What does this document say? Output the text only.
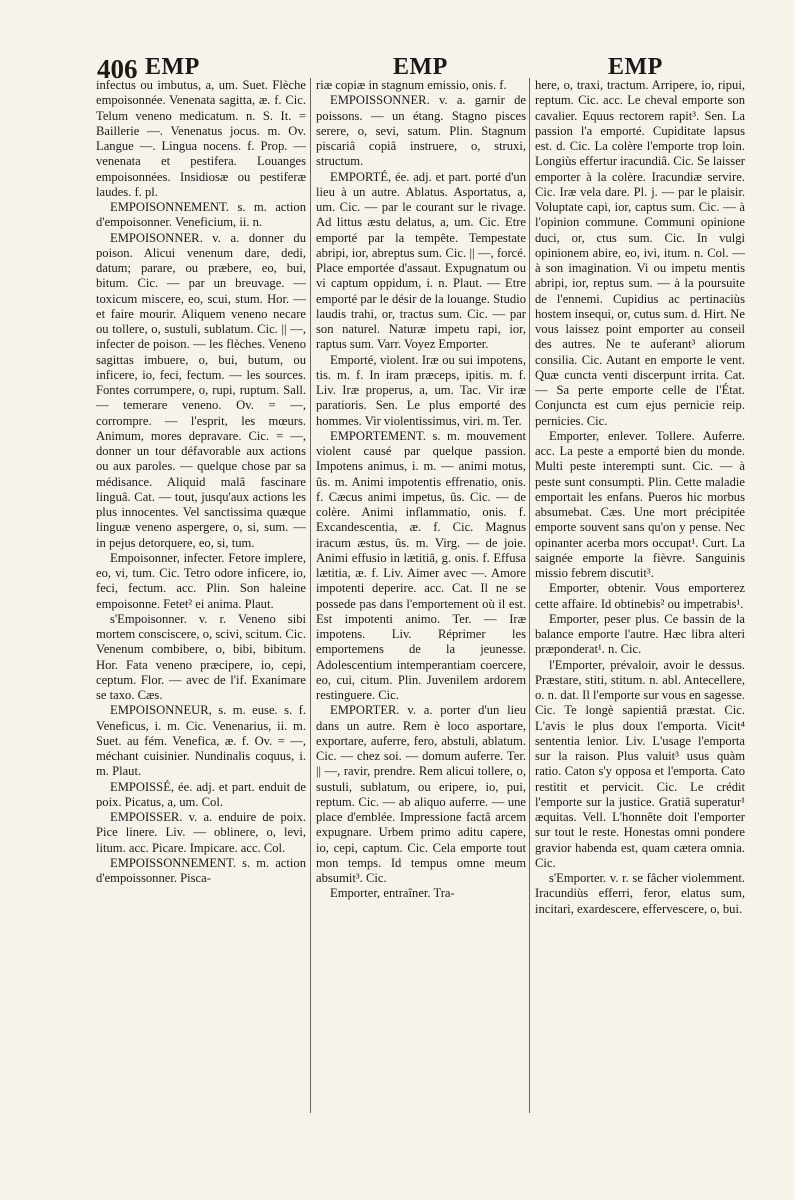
406 EMP	EMP	EMP

infectus ou imbutus, a, um. Suet. Flèche empoisonnée. Venenata sagitta, æ. f. Cic. Telum veneno medicatum. n. S. It. = Baillerie —. Venenatus jocus. m. Ov. Langue —. Lingua nocens. f. Prop. — venenata et pestifera. Louanges empoisonnées. Insidiosæ ou pestiferæ laudes. f. pl.

EMPOISONNEMENT. s. m. action d'empoisonner. Veneficium, ii. n.

EMPOISONNER. v. a. donner du poison. Alicui venenum dare, dedi, datum; parare, ou præbere, eo, bui, bitum. Cic. — par un breuvage. — toxicum miscere, eo, scui, stum. Hor. — et faire mourir. Aliquem veneno necare ou tollere, o, sustuli, sublatum. Cic. || —, infecter de poison. — les flèches. Veneno sagittas imbuere, o, bui, butum, ou inficere, io, feci, fectum. — les sources. Fontes corrumpere, o, rupi, ruptum. Sall. — temerare veneno. Ov. = —, corrompre. — l'esprit, les mœurs. Animum, mores depravare. Cic. = —, donner un tour défavorable aux actions ou aux paroles. — quelque chose par sa médisance. Aliquid malâ fascinare linguâ. Cat. — tout, jusqu'aux actions les plus innocentes. Vel sanctissima quæque linguæ veneno aspergere, o, si, sum. — in pejus detorquere, eo, si, tum.

Empoisonner, infecter. Fetore implere, eo, vi, tum. Cic. Tetro odore inficere, io, feci, fectum. acc. Plin. Son haleine empoisonne. Fetet² ei anima. Plaut.

s'Empoisonner. v. r. Veneno sibi mortem consciscere, o, scivi, scitum. Cic. Venenum combibere, o, bibi, bibitum. Hor. Fata veneno præcipere, io, cepi, ceptum. Flor. — avec de l'if. Exanimare se taxo. Cæs.

EMPOISONNEUR, s. m. euse. s. f. Veneficus, i. m. Cic. Venenarius, ii. m. Suet. au fém. Venefica, æ. f. Ov. = —, méchant cuisinier. Nundinalis coquus, i. m. Plaut.

EMPOISSÉ, ée. adj. et part. enduit de poix. Picatus, a, um. Col.

EMPOISSER. v. a. enduire de poix. Pice linere. Liv. — oblinere, o, levi, litum. acc. Picare. Impicare. acc. Col.

EMPOISSONNEMENT. s. m. action d'empoissonner. Pisca-

riæ copiæ in stagnum emissio, onis. f.

EMPOISSONNER. v. a. garnir de poissons. — un étang. Stagno pisces serere, o, sevi, satum. Plin. Stagnum piscariâ copiâ instruere, o, struxi, structum.

EMPORTÉ, ée. adj. et part. porté d'un lieu à un autre. Ablatus. Asportatus, a, um. Cic. — par le courant sur le rivage. Ad littus æstu delatus, a, um. Cic. Etre emporté par la tempête. Tempestate abripi, ior, abreptus sum. Cic. || —, forcé. Place emportée d'assaut. Expugnatum ou vi captum oppidum, i. n. Plaut. — Etre emporté par le désir de la louange. Studio laudis trahi, or, tractus sum. Cic. — par son naturel. Naturæ impetu rapi, ior, raptus sum. Varr. Voyez Emporter.

Emporté, violent. Iræ ou sui impotens, tis. m. f. In iram præceps, ipitis. m. f. Liv. Iræ properus, a, um. Tac. Vir iræ paratioris. Sen. Le plus emporté des hommes. Vir violentissimus, viri. m. Ter.

EMPORTEMENT. s. m. mouvement violent causé par quelque passion. Impotens animus, i. m. — animi motus, ûs. m. Animi impotentis effrenatio, onis. f. Cæcus animi impetus, ûs. Cic. — de colère. Animi inflammatio, onis. f. Excandescentia, æ. f. Cic. Magnus iracum æstus, ûs. m. Virg. — de joie. Animi effusio in lætitiâ, g. onis. f. Effusa lætitia, æ. f. Liv. Aimer avec —. Amore impotenti deperire. acc. Cat. Il ne se possede pas dans l'emportement où il est. Est impotenti animo. Ter. — Iræ impotens. Liv. Réprimer les emportemens de la jeunesse. Adolescentium intemperantiam coercere, eo, cui, citum. Plin. Juvenilem ardorem restinguere. Cic.

EMPORTER. v. a. porter d'un lieu dans un autre. Rem è loco asportare, exportare, auferre, fero, abstuli, ablatum. Cic. — chez soi. — domum auferre. Ter. || —, ravir, prendre. Rem alicui tollere, o, sustuli, sublatum, ou eripere, io, pui, reptum. Cic. — ab aliquo auferre. — une place d'emblée. Impressione factâ arcem expugnare. Urbem primo aditu capere, io, cepi, captum. Cic. Cela emporte tout mon temps. Id tempus omne meum absumit³. Cic.

Emporter, entraîner. Tra-

here, o, traxi, tractum. Arripere, io, ripui, reptum. Cic. acc. Le cheval emporte son cavalier. Equus rectorem rapit³. Sen. La passion l'a emporté. Cupiditate lapsus est. d. Cic. La colère l'emporte trop loin. Longiùs effertur iracundiâ. Cic. Se laisser emporter à la colère. Iracundiæ servire. Cic. Iræ vela dare. Pl. j. — par le plaisir. Voluptate capi, ior, captus sum. Cic. — à l'opinion commune. Communi opinione duci, or, ctus sum. Cic. In vulgi opinionem abire, eo, ivi, itum. n. Col. — à son imagination. Vi ou impetu mentis abripi, ior, reptus sum. — à la poursuite de l'ennemi. Cupidius ac pertinaciùs hostem insequi, or, cutus sum. d. Hirt. Ne vous laissez point emporter au conseil des autres. Ne te auferant³ aliorum consilia. Cic. Autant en emporte le vent. Quæ cuncta venti discerpunt irrita. Cat. — Sa perte emporte celle de l'État. Conjuncta est cum ejus pernicie reip. pernicies. Cic.

Emporter, enlever. Tollere. Auferre. acc. La peste a emporté bien du monde. Multi peste interempti sunt. Cic. — à peste sunt consumpti. Plin. Cette maladie emportait les enfans. Pueros hic morbus absumebat. Cæs. Une mort précipitée emporte souvent sans qu'on y pense. Nec opinanter acerba mors occupat¹. Curt. La saignée emporte la fièvre. Sanguinis missio febrem discutit³.

Emporter, obtenir. Vous emporterez cette affaire. Id obtinebis² ou impetrabis¹.

Emporter, peser plus. Ce bassin de la balance emporte l'autre. Hæc libra alteri præponderat¹. n. Cic.

l'Emporter, prévaloir, avoir le dessus. Præstare, stiti, stitum. n. abl. Antecellere, o. n. dat. Il l'emporte sur vous en sagesse. Cic. Te longè sapientiâ præstat. Cic. L'avis le plus doux l'emporta. Vicit⁴ sententia lenior. Liv. L'usage l'emporta sur la raison. Plus valuit³ usus quàm ratio. Caton s'y opposa et l'emporta. Cato restitit et pervicit. Cic. Le crédit l'emporte sur la justice. Gratiâ superatur¹ æquitas. Vell. L'honnête doit l'emporter sur tout le reste. Honestas omni pondere gravior habenda est, quam cætera omnia. Cic.

s'Emporter. v. r. se fâcher violemment. Iracundiùs efferri, feror, elatus sum, incitari, exardescere, effervescere, o, bui.
